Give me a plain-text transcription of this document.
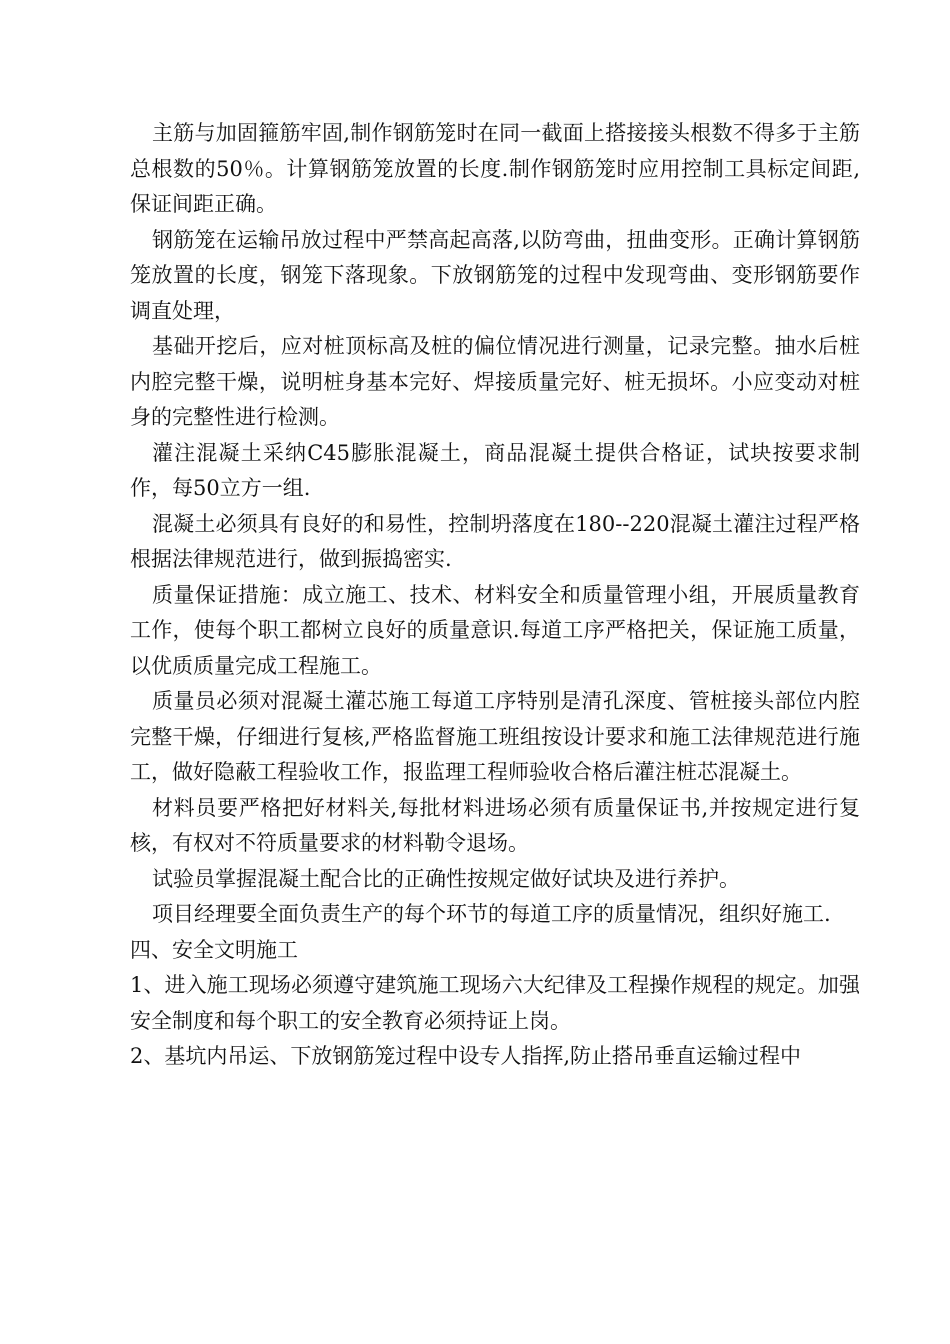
主筋与加固箍筋牢固,制作钢筋笼时在同一截面上搭接接头根数不得多于主筋总根数的50％。计算钢筋笼放置的长度.制作钢筋笼时应用控制工具标定间距,保证间距正确。

钢筋笼在运输吊放过程中严禁高起高落,以防弯曲，扭曲变形。正确计算钢筋笼放置的长度，钢笼下落现象。下放钢筋笼的过程中发现弯曲、变形钢筋要作调直处理，

基础开挖后，应对桩顶标高及桩的偏位情况进行测量，记录完整。抽水后桩内腔完整干燥，说明桩身基本完好、焊接质量完好、桩无损坏。小应变动对桩身的完整性进行检测。

灌注混凝土采纳C45膨胀混凝土，商品混凝土提供合格证，试块按要求制作，每50立方一组.

混凝土必须具有良好的和易性，控制坍落度在180--220混凝土灌注过程严格根据法律规范进行，做到振捣密实.

质量保证措施：成立施工、技术、材料安全和质量管理小组，开展质量教育工作，使每个职工都树立良好的质量意识.每道工序严格把关，保证施工质量，以优质质量完成工程施工。

质量员必须对混凝土灌芯施工每道工序特别是清孔深度、管桩接头部位内腔完整干燥，仔细进行复核,严格监督施工班组按设计要求和施工法律规范进行施工，做好隐蔽工程验收工作，报监理工程师验收合格后灌注桩芯混凝土。

材料员要严格把好材料关,每批材料进场必须有质量保证书,并按规定进行复核，有权对不符质量要求的材料勒令退场。

试验员掌握混凝土配合比的正确性按规定做好试块及进行养护。

项目经理要全面负责生产的每个环节的每道工序的质量情况，组织好施工.

四、安全文明施工

1、进入施工现场必须遵守建筑施工现场六大纪律及工程操作规程的规定。加强安全制度和每个职工的安全教育必须持证上岗。

2、基坑内吊运、下放钢筋笼过程中设专人指挥,防止搭吊垂直运输过程中
